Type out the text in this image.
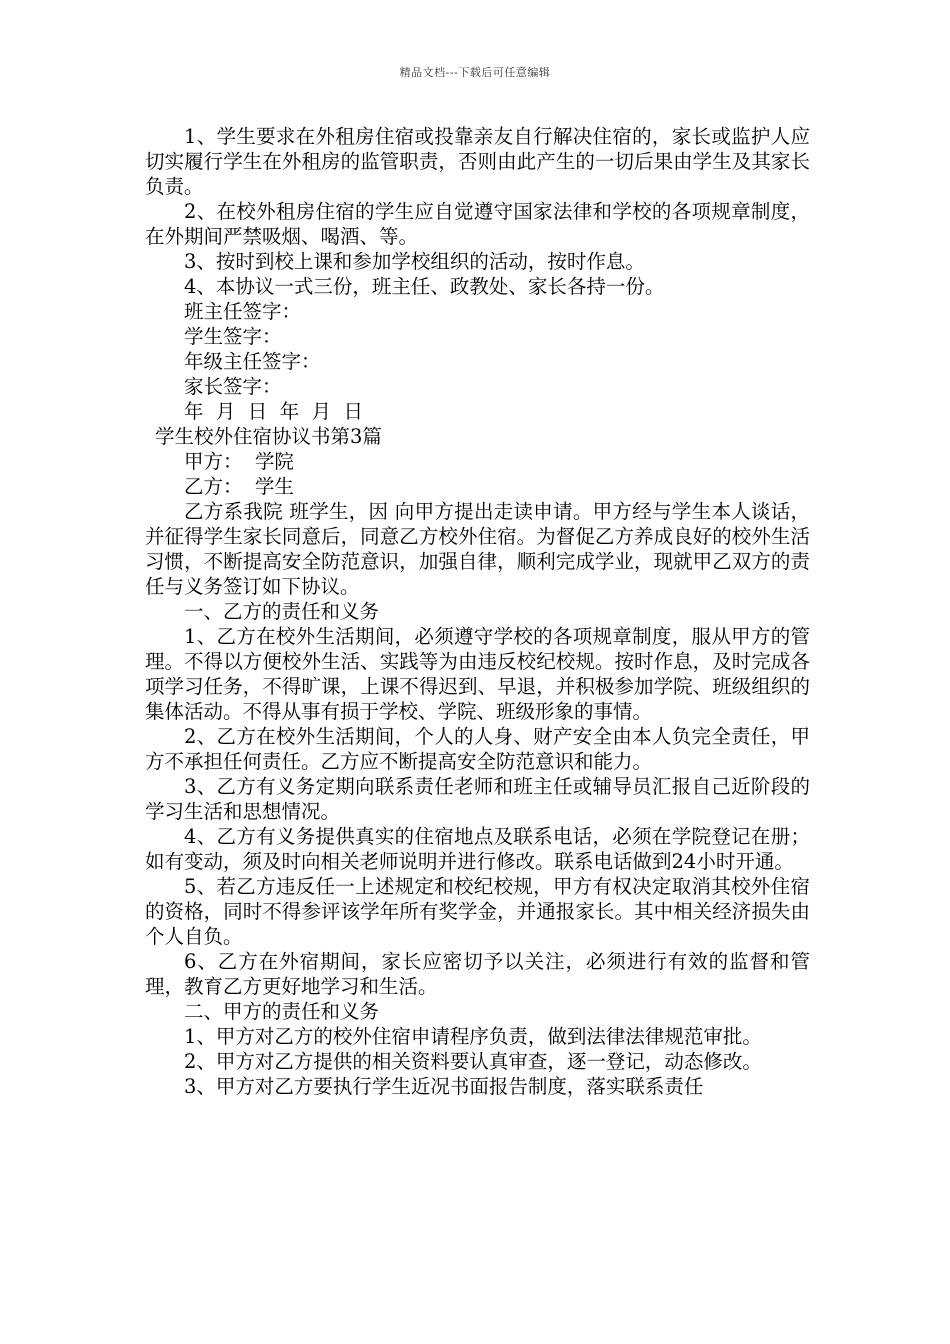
精品文档---下载后可任意编辑

1、学生要求在外租房住宿或投靠亲友自行解决住宿的，家长或监护人应切实履行学生在外租房的监管职责，否则由此产生的一切后果由学生及其家长负责。

2、在校外租房住宿的学生应自觉遵守国家法律和学校的各项规章制度，在外期间严禁吸烟、喝酒、等。

3、按时到校上课和参加学校组织的活动，按时作息。

4、本协议一式三份，班主任、政教处、家长各持一份。

班主任签字：

学生签字：

年级主任签字：

家长签字：

年  月  日  年  月  日

学生校外住宿协议书第3篇

甲方：  学院

乙方：  学生

乙方系我院 班学生，因 向甲方提出走读申请。甲方经与学生本人谈话，并征得学生家长同意后，同意乙方校外住宿。为督促乙方养成良好的校外生活习惯，不断提高安全防范意识，加强自律，顺利完成学业，现就甲乙双方的责任与义务签订如下协议。

一、乙方的责任和义务

1、乙方在校外生活期间，必须遵守学校的各项规章制度，服从甲方的管理。不得以方便校外生活、实践等为由违反校纪校规。按时作息，及时完成各项学习任务，不得旷课，上课不得迟到、早退，并积极参加学院、班级组织的集体活动。不得从事有损于学校、学院、班级形象的事情。

2、乙方在校外生活期间，个人的人身、财产安全由本人负完全责任，甲方不承担任何责任。乙方应不断提高安全防范意识和能力。

3、乙方有义务定期向联系责任老师和班主任或辅导员汇报自己近阶段的学习生活和思想情况。

4、乙方有义务提供真实的住宿地点及联系电话，必须在学院登记在册；如有变动，须及时向相关老师说明并进行修改。联系电话做到24小时开通。

5、若乙方违反任一上述规定和校纪校规，甲方有权决定取消其校外住宿的资格，同时不得参评该学年所有奖学金，并通报家长。其中相关经济损失由个人自负。

6、乙方在外宿期间，家长应密切予以关注，必须进行有效的监督和管理，教育乙方更好地学习和生活。

二、甲方的责任和义务

1、甲方对乙方的校外住宿申请程序负责，做到法律法律规范审批。

2、甲方对乙方提供的相关资料要认真审查，逐一登记，动态修改。

3、甲方对乙方要执行学生近况书面报告制度，落实联系责任
